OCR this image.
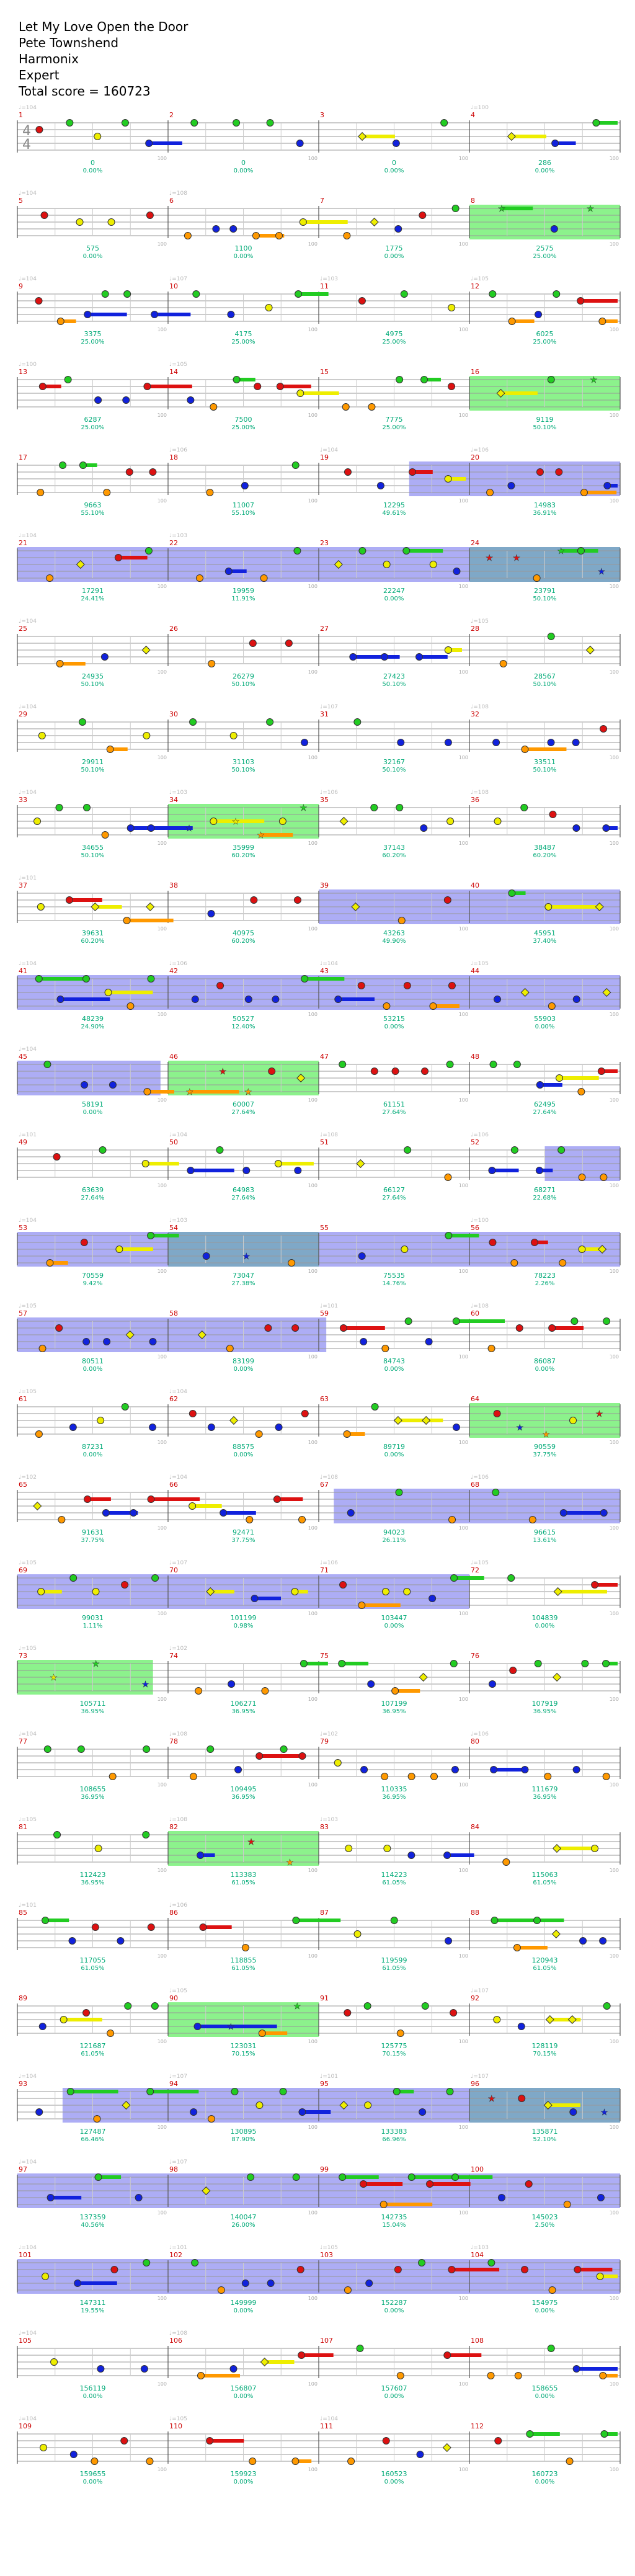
Let My Love Open the Door
Pete Townshend
Harmonix
Expert
Total score = 160723
4
4
1
♩=104
100
0
0.00%
2
100
0
0.00%
3
100
0
0.00%
4
♩=100
100
286
0.00%
★	★
5
♩=104
100
575
0.00%
6
♩=108
100
1100
0.00%
7
100
1775
0.00%
8
100
2575
25.00%
9
♩=104
100
3375
25.00%
10
♩=107
100
4175
25.00%
11
♩=103
100
4975
25.00%
12
♩=105
100
6025
25.00%
★
13
♩=100
100
6287
25.00%
14
♩=105
100
7500
25.00%
15
100
7775
25.00%
16
100
9119
50.10%
17
100
9663
55.10%
18
♩=106
100
11007
55.10%
19
♩=104
100
12295
49.61%
20
♩=106
100
14983
36.91%
★ ★
★
★
21
♩=104
100
17291
24.41%
22
♩=103
100
19959
11.91%
23
100
22247
0.00%
24
100
23791
50.10%
25
♩=104
100
24935
50.10%
26
100
26279
50.10%
27
100
27423
50.10%
28
♩=105
100
28567
50.10%
29
♩=104
100
29911
50.10%
30
100
31103
50.10%
31
♩=107
100
32167
50.10%
32
♩=108
100
33511
50.10%
★
★
★
★
33
♩=104
100
34655
50.10%
34
♩=103
100
35999
60.20%
35
♩=106
100
37143
60.20%
36
♩=108
100
38487
60.20%
37
♩=101
100
39631
60.20%
38
100
40975
60.20%
39
100
43263
49.90%
40
100
45951
37.40%
41
♩=104
100
48239
24.90%
42
♩=106
100
50527
12.40%
43
♩=104
100
53215
0.00%
44
♩=105
100
55903
0.00%
★
★
★
45
♩=104
100
58191
0.00%
46
100
60007
27.64%
47
100
61151
27.64%
48
100
62495
27.64%
49
♩=101
100
63639
27.64%
50
♩=104
100
64983
27.64%
51
♩=108
100
66127
27.64%
52
♩=106
100
68271
22.68%
★
53
♩=104
100
70559
9.42%
54
♩=103
100
73047
27.38%
55
100
75535
14.76%
56
♩=100
100
78223
2.26%
57
♩=105
100
80511
0.00%
58
100
83199
0.00%
59
♩=101
100
84743
0.00%
60
♩=108
100
86087
0.00%
★
★
★
61
♩=105
100
87231
0.00%
62
♩=104
100
88575
0.00%
63
100
89719
0.00%
64
100
90559
37.75%
65
♩=102
100
91631
37.75%
66
♩=104
100
92471
37.75%
67
♩=108
100
94023
26.11%
68
♩=106
100
96615
13.61%
69
♩=105
100
99031
1.11%
70
♩=107
100
101199
0.98%
71
♩=106
100
103447
0.00%
72
♩=105
100
104839
0.00%
★
★
★
73
♩=105
100
105711
36.95%
74
♩=102
100
106271
36.95%
75
100
107199
36.95%
76
100
107919
36.95%
77
♩=104
100
108655
36.95%
78
♩=108
100
109495
36.95%
79
♩=102
100
110335
36.95%
80
♩=106
100
111679
36.95%
★
★
81
♩=105
100
112423
36.95%
82
♩=108
100
113383
61.05%
83
♩=103
100
114223
61.05%
84
100
115063
61.05%
85
♩=101
100
117055
61.05%
86
♩=106
100
118855
61.05%
87
100
119599
61.05%
88
100
120943
61.05%
★
★
89
100
121687
61.05%
90
♩=105
100
123031
70.15%
91
100
125775
70.15%
92
♩=107
100
128119
70.15%
★
★
93
♩=104
100
127487
66.46%
94
♩=107
100
130895
87.90%
95
♩=101
100
133383
66.96%
96
♩=107
100
135871
52.10%
97
♩=104
100
137359
40.56%
98
♩=107
100
140047
26.00%
99
100
142735
15.04%
100
100
145023
2.50%
101
♩=104
100
147311
19.55%
102
♩=101
100
149999
0.00%
103
♩=105
100
152287
0.00%
104
♩=103
100
154975
0.00%
105
♩=104
100
156119
0.00%
106
♩=108
100
156807
0.00%
107
100
157607
0.00%
108
100
158655
0.00%
109
♩=104
100
159655
0.00%
110
♩=105
100
159923
0.00%
111
♩=104
100
160523
0.00%
112
100
160723
0.00%
